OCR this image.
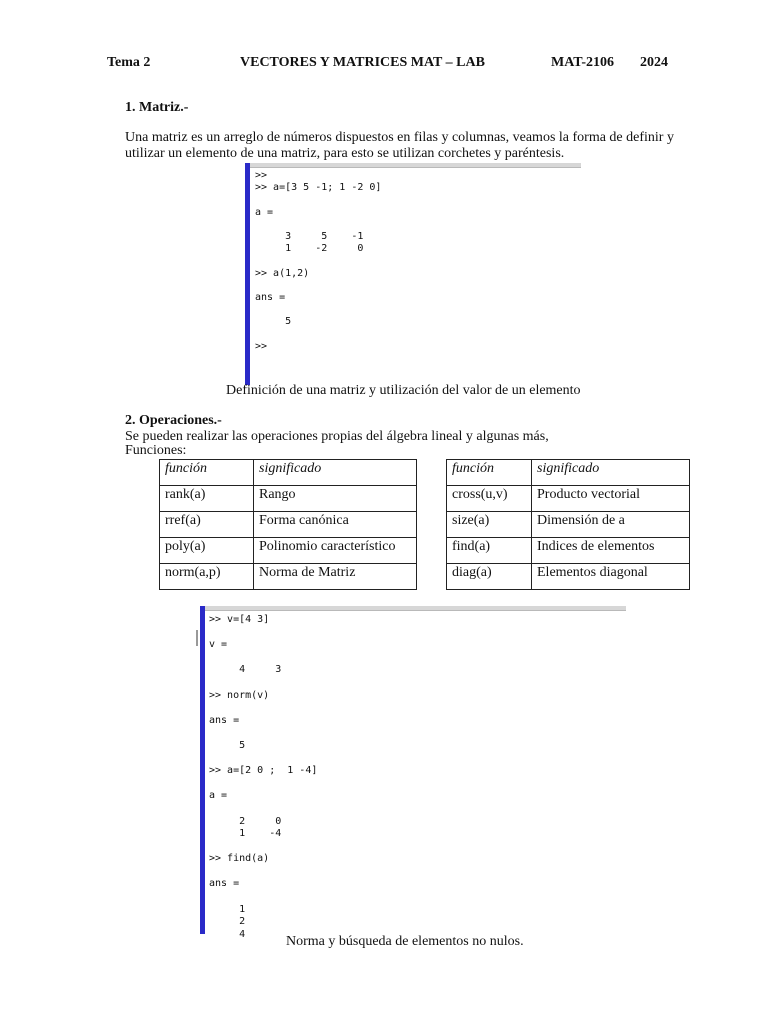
Tema 2	VECTORES Y MATRICES MAT – LAB	MAT-2106 2024
1. Matriz.-
Una matriz es un arreglo de números dispuestos en filas y columnas, veamos la forma de definir y
utilizar un elemento de una matriz, para esto se utilizan corchetes y paréntesis.
>>
>> a=[3 5 -1; 1 -2 0]

a =

3     5    -1
1    -2     0

>> a(1,2)

ans =

5

>>
Definición de una matriz y utilización del valor de un elemento
2. Operaciones.-
Se pueden realizar las operaciones propias del álgebra lineal y algunas más,
Funciones:
función	significado
rank(a)	Rango
rref(a)	Forma canónica
poly(a)	Polinomio característico
norm(a,p)	Norma de Matriz
función	significado
cross(u,v)	Producto vectorial
size(a)	Dimensión de a
find(a)	Indices de elementos
diag(a)	Elementos diagonal
>> v=[4 3]

v =

4     3

>> norm(v)

ans =

5

>> a=[2 0 ;  1 -4]

a =

2     0
1    -4

>> find(a)

ans =

1
2
4	Norma y búsqueda de elementos no nulos.
